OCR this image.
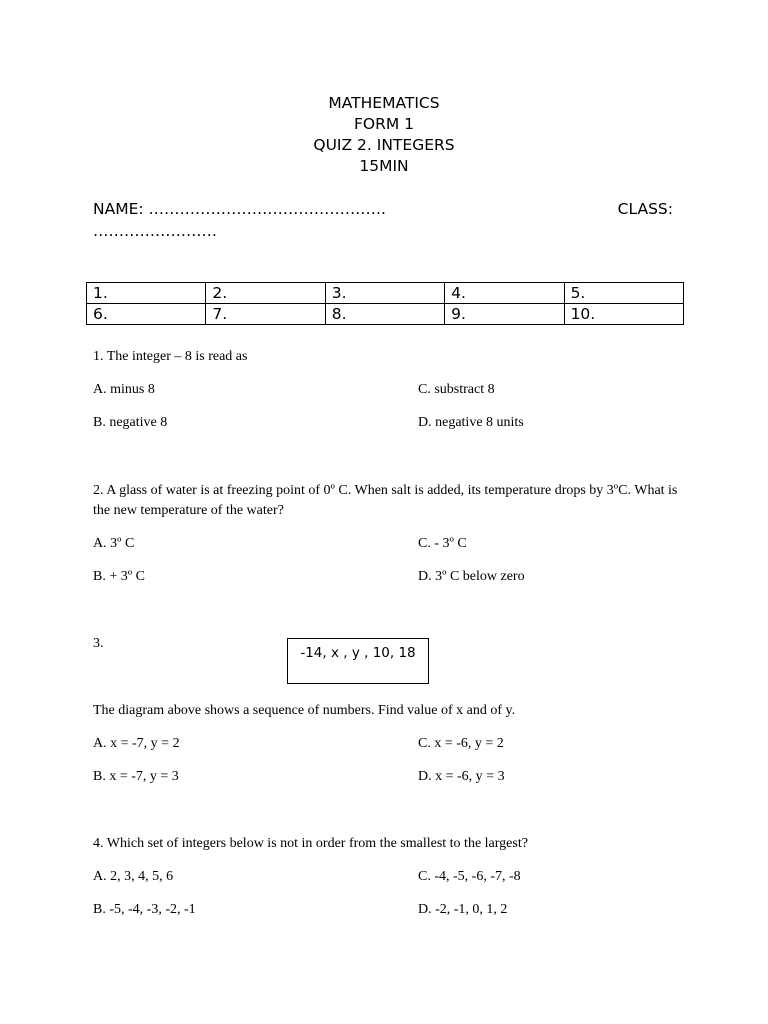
MATHEMATICS
FORM 1
QUIZ 2. INTEGERS
15MIN
NAME: ……………………………………….	CLASS:
……………………
1.	2.	3.	4.	5.
6.	7.	8.	9.	10.
1. The integer – 8 is read as
A. minus 8	C. substract 8
B. negative 8	D. negative 8 units
2. A glass of water is at freezing point of 0º C. When salt is added, its temperature drops by 3ºC. What is the new temperature of the water?
A. 3º C	C. - 3º C
B. + 3º C	D. 3º C below zero
3.
-14, x , y , 10, 18
The diagram above shows a sequence of numbers. Find value of x and of y.
A. x = -7, y = 2	C. x = -6, y = 2
B. x = -7, y = 3	D. x = -6, y = 3
4. Which set of integers below is not in order from the smallest to the largest?
A. 2, 3, 4, 5, 6	C. -4, -5, -6, -7, -8
B. -5, -4, -3, -2, -1	D. -2, -1, 0, 1, 2
